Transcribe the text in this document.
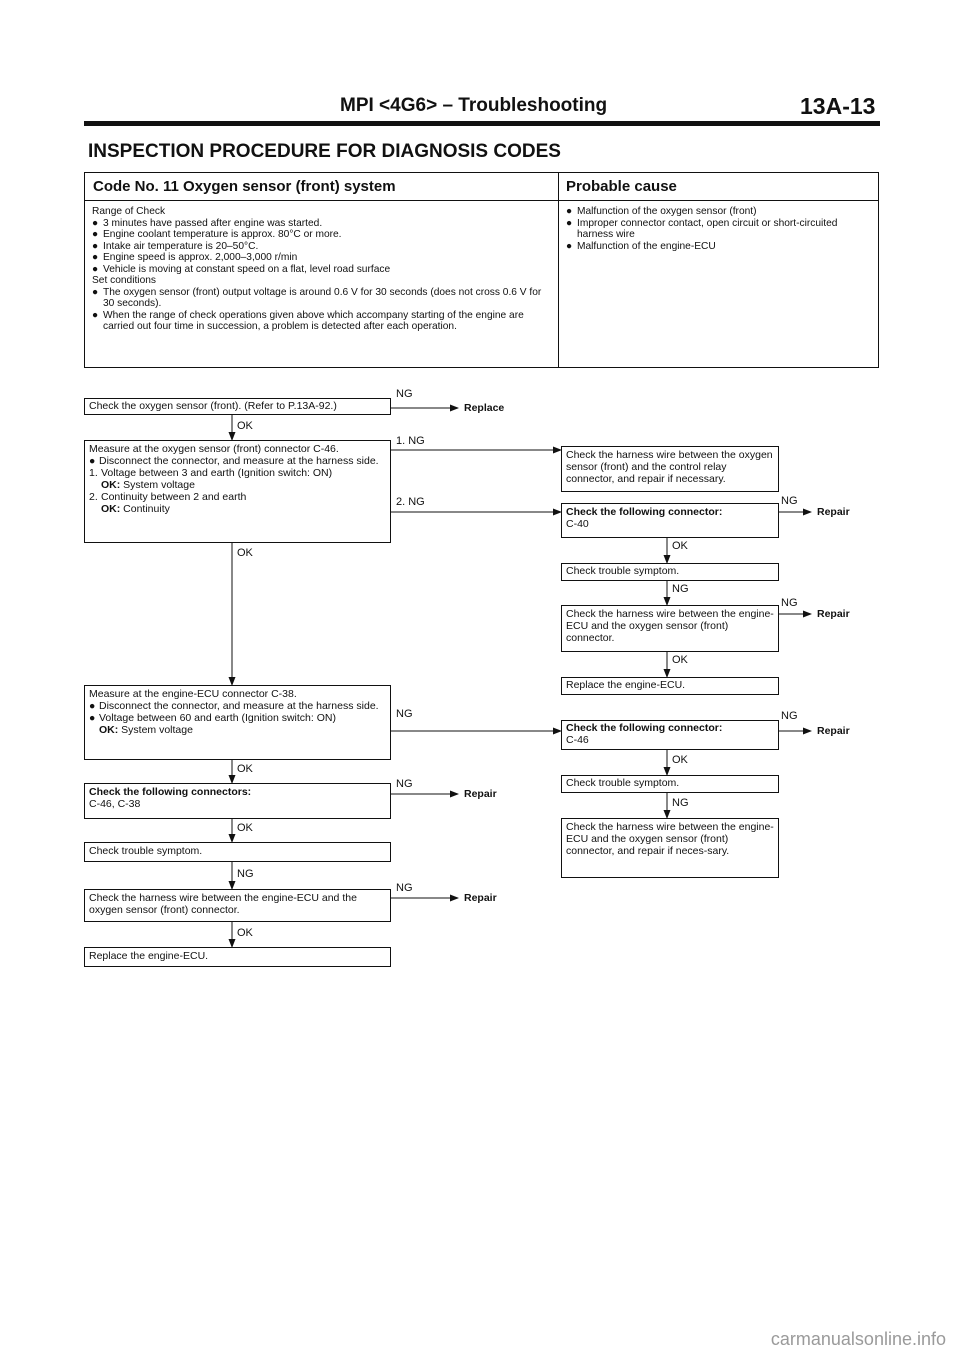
MPI <4G6> – Troubleshooting	13A-13
INSPECTION PROCEDURE FOR DIAGNOSIS CODES
Code No. 11 Oxygen sensor (front) system	Probable cause
Range of Check
● 3 minutes have passed after engine was started.
● Engine coolant temperature is approx. 80°C or more.
● Intake air temperature is 20–50°C.
● Engine speed is approx. 2,000–3,000 r/min
● Vehicle is moving at constant speed on a flat, level road surface
Set conditions
● The oxygen sensor (front) output voltage is around 0.6 V for 30 seconds (does not cross 0.6 V for 30 seconds).
● When the range of check operations given above which accompany starting of the engine are carried out four time in succession, a problem is detected after each operation.
● Malfunction of the oxygen sensor (front)
● Improper connector contact, open circuit or short-circuited harness wire
● Malfunction of the engine-ECU
Check the oxygen sensor (front). (Refer to P.13A-92.)
Measure at the oxygen sensor (front) connector C-46.
● Disconnect the connector, and measure at the harness side.
1. Voltage between 3 and earth (Ignition switch: ON)
OK: System voltage
2. Continuity between 2 and earth
OK: Continuity
Measure at the engine-ECU connector C-38.
● Disconnect the connector, and measure at the harness side.
● Voltage between 60 and earth (Ignition switch: ON)
OK: System voltage
Check the following connectors:
C-46, C-38
Check trouble symptom.
Check the harness wire between the engine-ECU and the oxygen sensor (front) connector.
Replace the engine-ECU.
Check the harness wire between the oxygen sensor (front) and the control relay connector, and repair if necessary.
Check the following connector:
C-40
Check trouble symptom.
Check the harness wire between the engine-ECU and the oxygen sensor (front) connector.
Replace the engine-ECU.
Check the following connector:
C-46
Check trouble symptom.
Check the harness wire between the engine-ECU and the oxygen sensor (front) connector, and repair if neces-sary.
NG
Replace
OK
1. NG
2. NG
OK
NG
OK
NG
Repair
OK
NG
NG
Repair
OK
NG
Repair
OK
NG
NG
Repair
OK
NG
Repair
OK
NG
carmanualsonline.info
